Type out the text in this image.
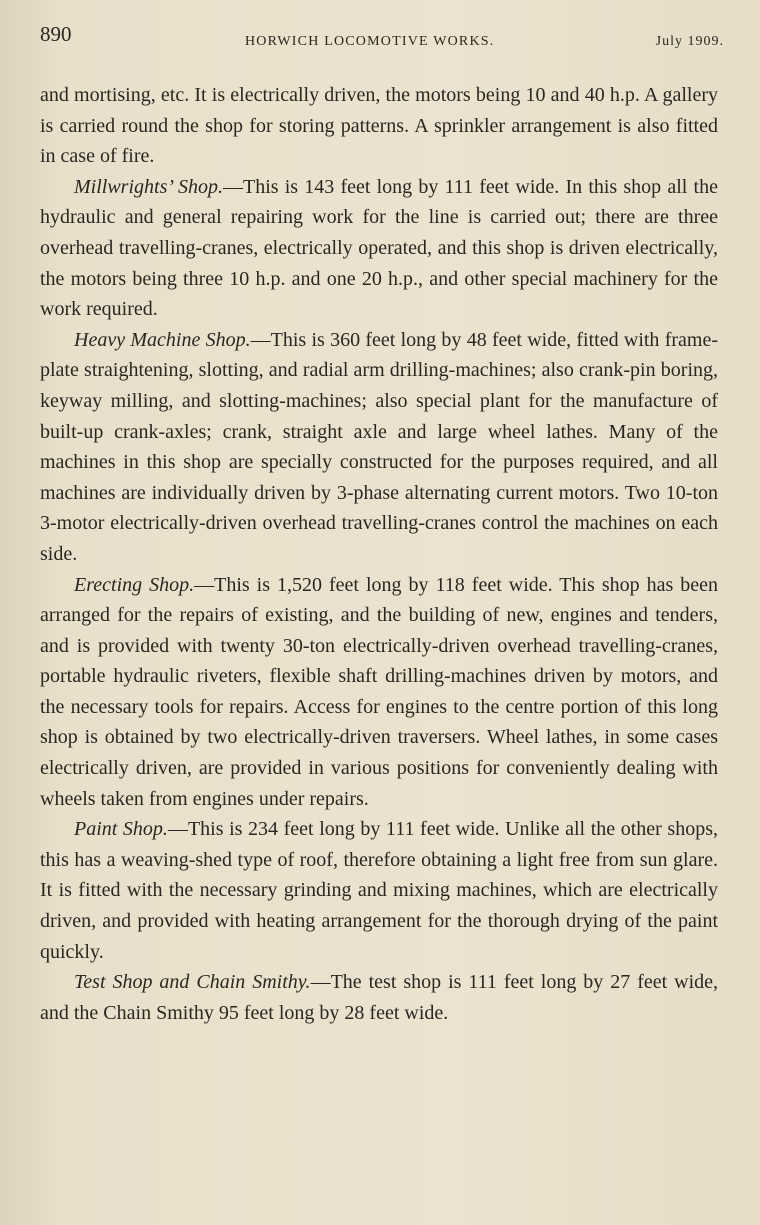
890	HORWICH LOCOMOTIVE WORKS.	July 1909.

and mortising, etc. It is electrically driven, the motors being 10 and 40 h.p. A gallery is carried round the shop for storing patterns. A sprinkler arrangement is also fitted in case of fire.

Millwrights’ Shop.—This is 143 feet long by 111 feet wide. In this shop all the hydraulic and general repairing work for the line is carried out; there are three overhead travelling-cranes, electrically operated, and this shop is driven electrically, the motors being three 10 h.p. and one 20 h.p., and other special machinery for the work required.

Heavy Machine Shop.—This is 360 feet long by 48 feet wide, fitted with frame-plate straightening, slotting, and radial arm drilling-machines; also crank-pin boring, keyway milling, and slotting-machines; also special plant for the manufacture of built-up crank-axles; crank, straight axle and large wheel lathes. Many of the machines in this shop are specially constructed for the purposes required, and all machines are individually driven by 3-phase alternating current motors. Two 10-ton 3-motor electrically-driven overhead travelling-cranes control the machines on each side.

Erecting Shop.—This is 1,520 feet long by 118 feet wide. This shop has been arranged for the repairs of existing, and the building of new, engines and tenders, and is provided with twenty 30-ton electrically-driven overhead travelling-cranes, portable hydraulic riveters, flexible shaft drilling-machines driven by motors, and the necessary tools for repairs. Access for engines to the centre portion of this long shop is obtained by two electrically-driven traversers. Wheel lathes, in some cases electrically driven, are provided in various positions for conveniently dealing with wheels taken from engines under repairs.

Paint Shop.—This is 234 feet long by 111 feet wide. Unlike all the other shops, this has a weaving-shed type of roof, therefore obtaining a light free from sun glare. It is fitted with the necessary grinding and mixing machines, which are electrically driven, and provided with heating arrangement for the thorough drying of the paint quickly.

Test Shop and Chain Smithy.—The test shop is 111 feet long by 27 feet wide, and the Chain Smithy 95 feet long by 28 feet wide.
